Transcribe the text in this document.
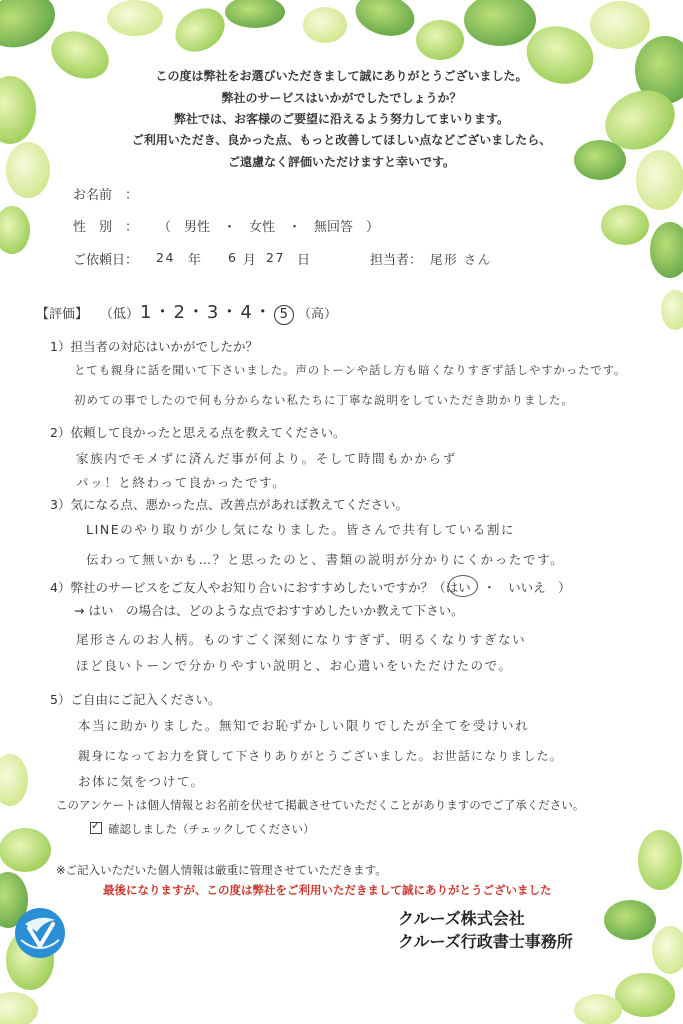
この度は弊社をお選びいただきまして誠にありがとうございました。
弊社のサービスはいかがでしたでしょうか？
弊社では、お客様のご要望に沿えるよう努力してまいります。
ご利用いただき、良かった点、もっと改善してほしい点などございましたら、
ご遠慮なく評価いただけますと幸いです。
お名前　：
性　別　： （　男性　・　女性　・　無回答　）
ご依頼日： 24 年 6 月 27 日	担当者： 尾形 さん
【評価】 （低） 1・2・3・4・ 5 （高）
1）担当者の対応はいかがでしたか？
とても親身に話を聞いて下さいました。声のトーンや話し方も暗くなりすぎず話しやすかったです。
初めての事でしたので何も分からない私たちに丁寧な説明をしていただき助かりました。
2）依頼して良かったと思える点を教えてください。
家族内でモメずに済んだ事が何より。そして時間もかからず
パッ！と終わって良かったです。
3）気になる点、悪かった点、改善点があれば教えてください。
LINEのやり取りが少し気になりました。皆さんで共有している割に
伝わって無いかも…？と思ったのと、書類の説明が分かりにくかったです。
4）弊社のサービスをご友人やお知り合いにおすすめしたいですか？（はい　・　いいえ　）
→ はい　の場合は、どのような点でおすすめしたいか教えて下さい。
尾形さんのお人柄。ものすごく深刻になりすぎず、明るくなりすぎない
ほど良いトーンで分かりやすい説明と、お心遣いをいただけたので。
5）ご自由にご記入ください。
本当に助かりました。無知でお恥ずかしい限りでしたが全てを受けいれ
親身になってお力を貸して下さりありがとうございました。お世話になりました。
お体に気をつけて。
このアンケートは個人情報とお名前を伏せて掲載させていただくことがありますのでご了承ください。
✓確認しました（チェックしてください）
※ご記入いただいた個人情報は厳重に管理させていただきます。
最後になりますが、この度は弊社をご利用いただきまして誠にありがとうございました
クルーズ株式会社
クルーズ行政書士事務所
